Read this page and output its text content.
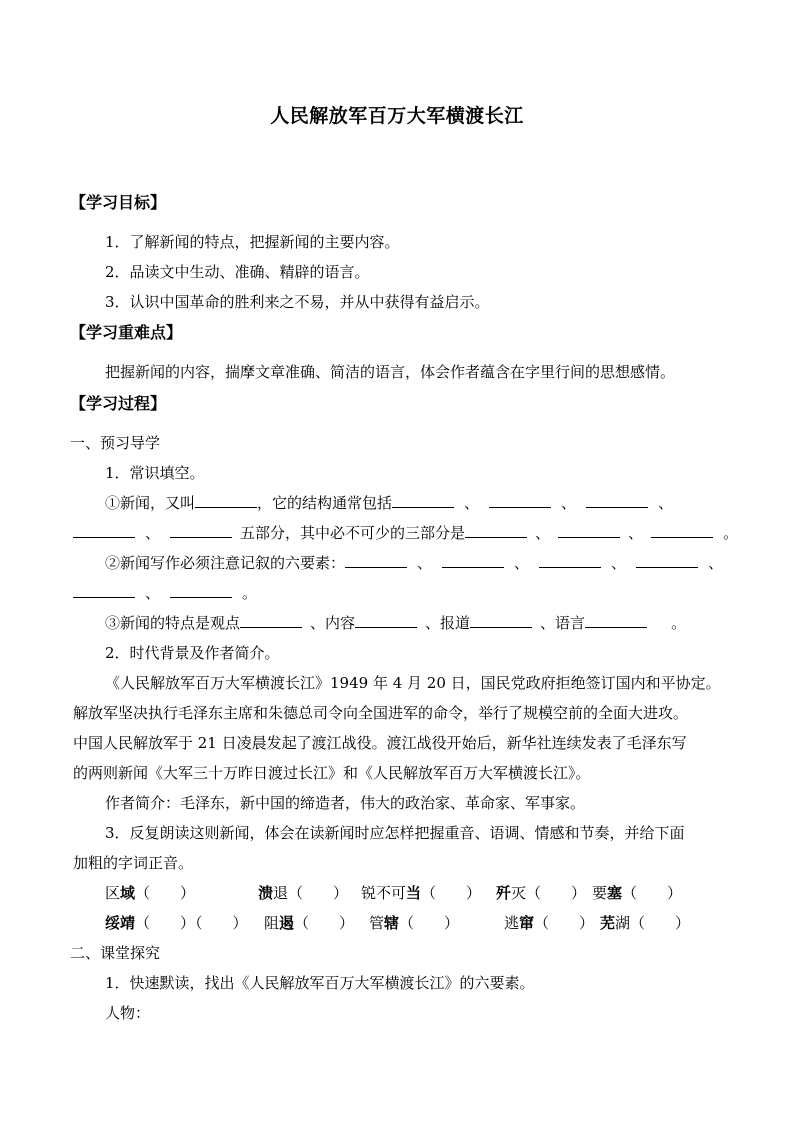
人民解放军百万大军横渡长江
【学习目标】
1．了解新闻的特点，把握新闻的主要内容。
2．品读文中生动、准确、精辟的语言。
3．认识中国革命的胜利来之不易，并从中获得有益启示。
【学习重难点】
把握新闻的内容，揣摩文章准确、简洁的语言，体会作者蕴含在字里行间的思想感情。
【学习过程】
一、预习导学
1．常识填空。
①新闻，又叫	，它的结构通常包括	、	、	、
、	五部分，其中必不可少的三部分是	、	、	。
②新闻写作必须注意记叙的六要素：	、	、	、	、
、	。
③新闻的特点是观点	、内容	、报道	、语言	。
2．时代背景及作者简介。
《人民解放军百万大军横渡长江》1949 年 4 月 20 日，国民党政府拒绝签订国内和平协定。
解放军坚决执行毛泽东主席和朱德总司令向全国进军的命令，举行了规模空前的全面大进攻。
中国人民解放军于 21 日凌晨发起了渡江战役。渡江战役开始后，新华社连续发表了毛泽东写
的两则新闻《大军三十万昨日渡过长江》和《人民解放军百万大军横渡长江》。
作者简介：毛泽东，新中国的缔造者，伟大的政治家、革命家、军事家。
3．反复朗读这则新闻，体会在读新闻时应怎样把握重音、语调、情感和节奏，并给下面
加粗的字词正音。
区域（　　）	溃退（　　） 锐不可当（　　） 歼灭（　　） 要塞（　　）
绥靖（　　）（　　） 阻遏（　　） 管辖（　　）	逃窜（　　） 芜湖（　　）
二、课堂探究
1．快速默读，找出《人民解放军百万大军横渡长江》的六要素。
人物：
